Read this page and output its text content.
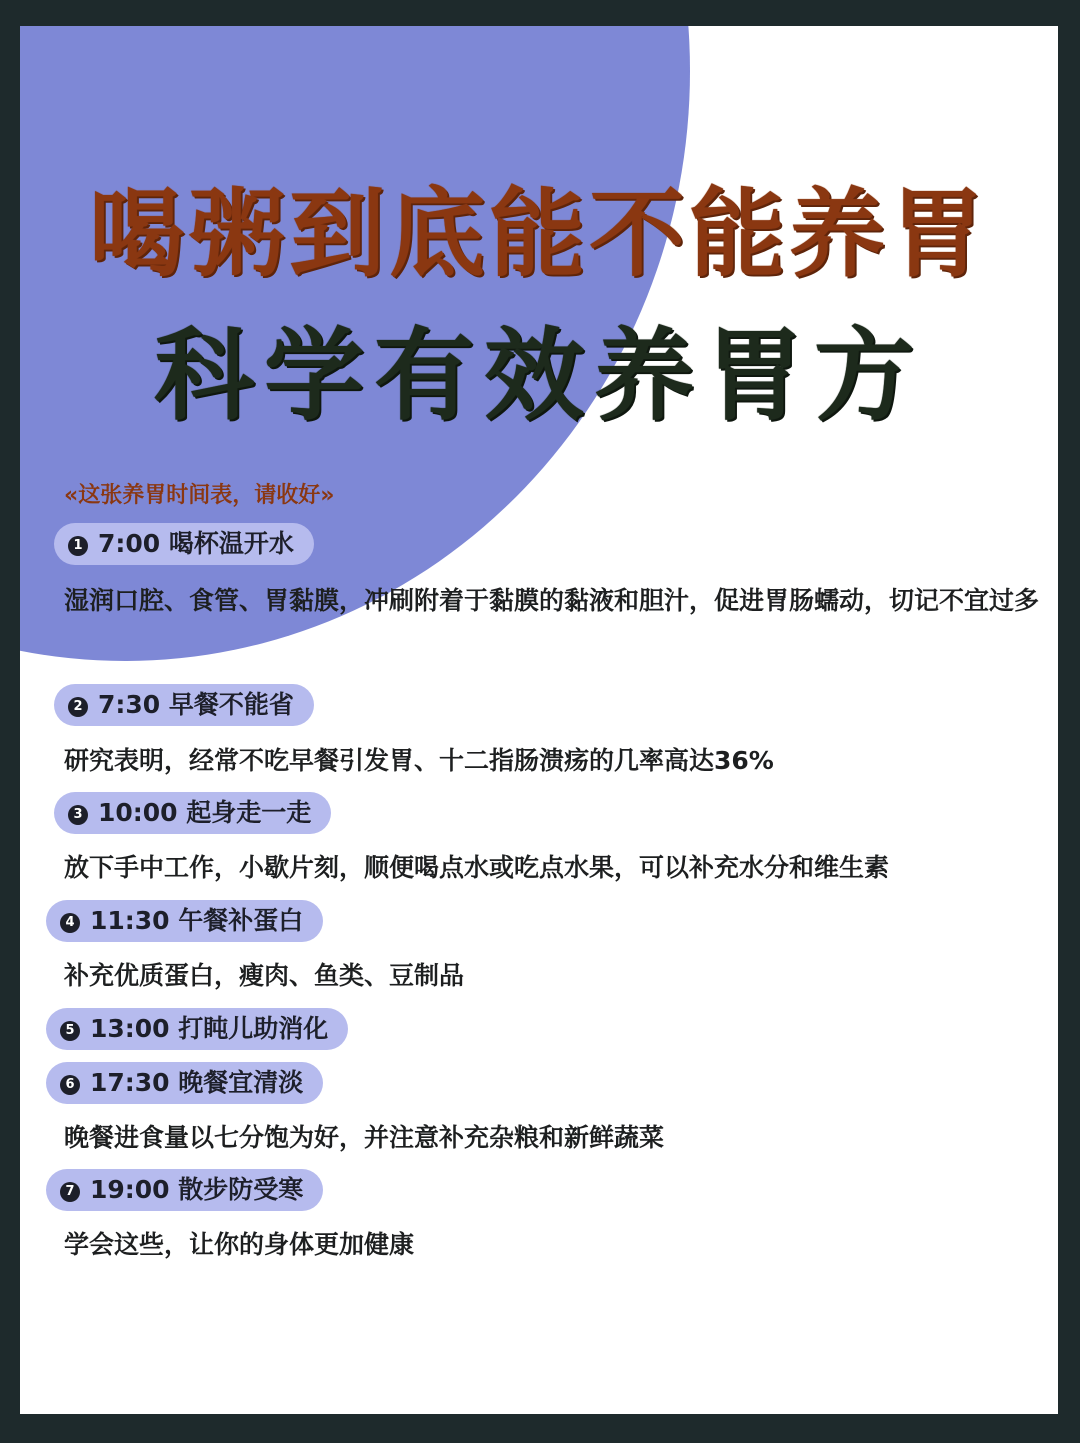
喝粥到底能不能养胃
科学有效养胃方
«这张养胃时间表，请收好»
1 7:00 喝杯温开水
湿润口腔、食管、胃黏膜，冲刷附着于黏膜的黏液和胆汁，促进胃肠蠕动，切记不宜过多
2 7:30 早餐不能省
研究表明，经常不吃早餐引发胃、十二指肠溃疡的几率高达36%
3 10:00 起身走一走
放下手中工作，小歇片刻，顺便喝点水或吃点水果，可以补充水分和维生素
4 11:30 午餐补蛋白
补充优质蛋白，瘦肉、鱼类、豆制品
5 13:00 打盹儿助消化
6 17:30 晚餐宜清淡
晚餐进食量以七分饱为好，并注意补充杂粮和新鲜蔬菜
7 19:00 散步防受寒
学会这些，让你的身体更加健康
